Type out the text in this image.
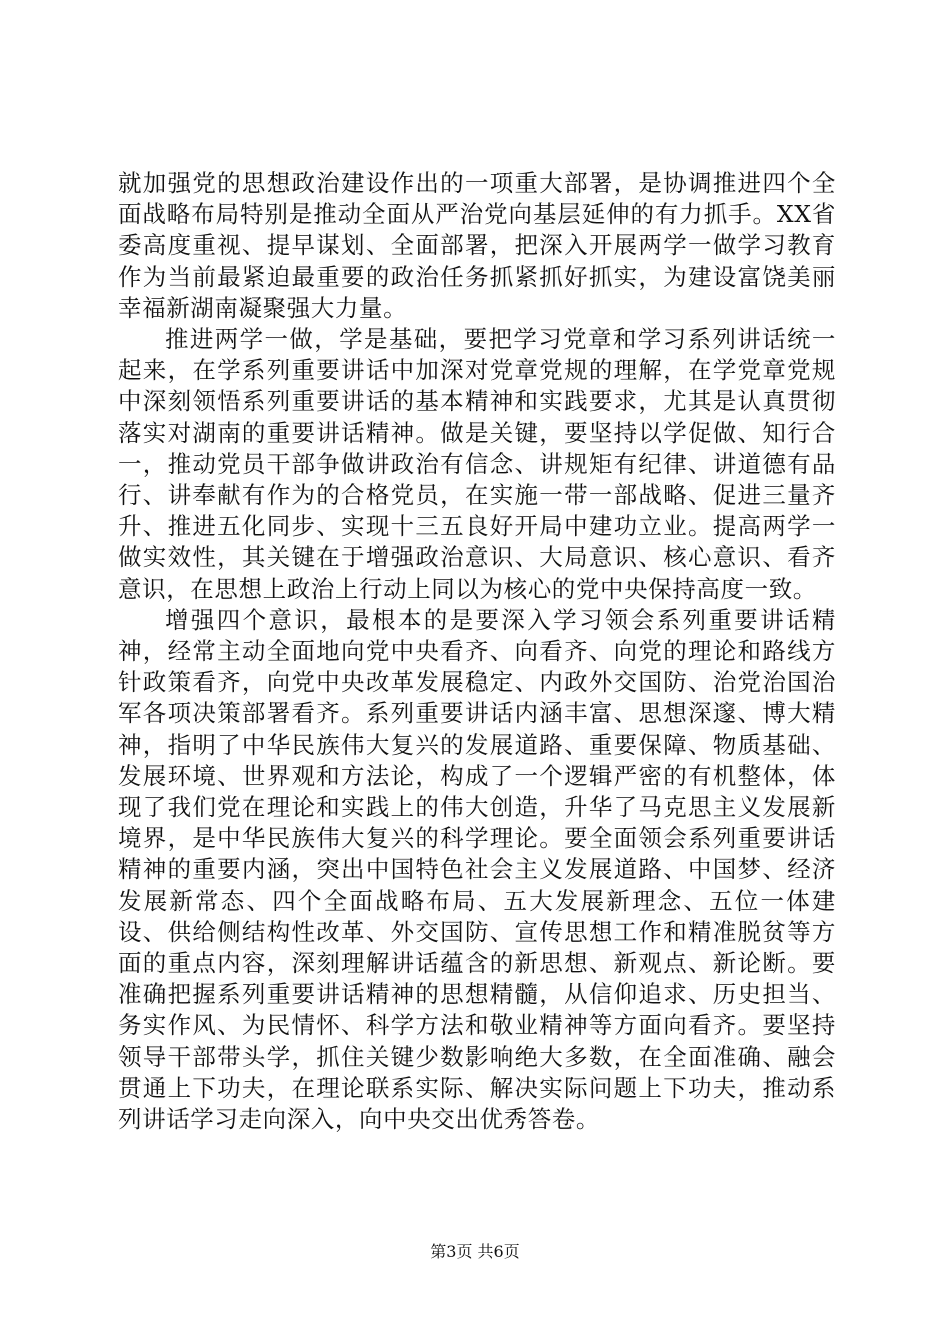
就加强党的思想政治建设作出的一项重大部署，是协调推进四个全面战略布局特别是推动全面从严治党向基层延伸的有力抓手。XX省委高度重视、提早谋划、全面部署，把深入开展两学一做学习教育作为当前最紧迫最重要的政治任务抓紧抓好抓实，为建设富饶美丽幸福新湖南凝聚强大力量。

推进两学一做，学是基础，要把学习党章和学习系列讲话统一起来，在学系列重要讲话中加深对党章党规的理解，在学党章党规中深刻领悟系列重要讲话的基本精神和实践要求，尤其是认真贯彻落实对湖南的重要讲话精神。做是关键，要坚持以学促做、知行合一，推动党员干部争做讲政治有信念、讲规矩有纪律、讲道德有品行、讲奉献有作为的合格党员，在实施一带一部战略、促进三量齐升、推进五化同步、实现十三五良好开局中建功立业。提高两学一做实效性，其关键在于增强政治意识、大局意识、核心意识、看齐意识，在思想上政治上行动上同以为核心的党中央保持高度一致。

增强四个意识，最根本的是要深入学习领会系列重要讲话精神，经常主动全面地向党中央看齐、向看齐、向党的理论和路线方针政策看齐，向党中央改革发展稳定、内政外交国防、治党治国治军各项决策部署看齐。系列重要讲话内涵丰富、思想深邃、博大精神，指明了中华民族伟大复兴的发展道路、重要保障、物质基础、发展环境、世界观和方法论，构成了一个逻辑严密的有机整体，体现了我们党在理论和实践上的伟大创造，升华了马克思主义发展新境界，是中华民族伟大复兴的科学理论。要全面领会系列重要讲话精神的重要内涵，突出中国特色社会主义发展道路、中国梦、经济发展新常态、四个全面战略布局、五大发展新理念、五位一体建设、供给侧结构性改革、外交国防、宣传思想工作和精准脱贫等方面的重点内容，深刻理解讲话蕴含的新思想、新观点、新论断。要准确把握系列重要讲话精神的思想精髓，从信仰追求、历史担当、务实作风、为民情怀、科学方法和敬业精神等方面向看齐。要坚持领导干部带头学，抓住关键少数影响绝大多数，在全面准确、融会贯通上下功夫，在理论联系实际、解决实际问题上下功夫，推动系列讲话学习走向深入，向中央交出优秀答卷。

第3页 共6页
